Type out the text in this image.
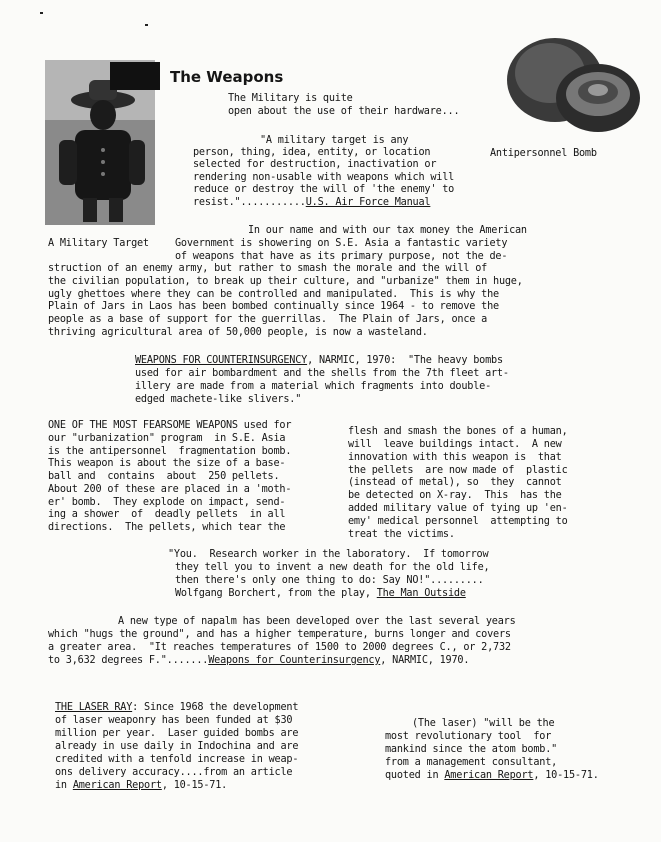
The Weapons
The Military is quite
open about the use of their hardware...
Antipersonnel Bomb
"A military target is any
person, thing, idea, entity, or location
selected for destruction, inactivation or
rendering non-usable with weapons which will
reduce or destroy the will of 'the enemy' to
resist."...........U.S. Air Force Manual
In our name and with our tax money the American
A Military Target	Government is showering on S.E. Asia a fantastic variety
of weapons that have as its primary purpose, not the de-
struction of an enemy army, but rather to smash the morale and the will of
the civilian population, to break up their culture, and "urbanize" them in huge,
ugly ghettoes where they can be controlled and manipulated.  This is why the
Plain of Jars in Laos has been bombed continually since 1964 - to remove the
people as a base of support for the guerrillas.  The Plain of Jars, once a
thriving agricultural area of 50,000 people, is now a wasteland.
WEAPONS FOR COUNTERINSURGENCY, NARMIC, 1970:  "The heavy bombs
used for air bombardment and the shells from the 7th fleet art-
illery are made from a material which fragments into double-
edged machete-like slivers."
ONE OF THE MOST FEARSOME WEAPONS used for
our "urbanization" program  in S.E. Asia
is the antipersonnel  fragmentation bomb.
This weapon is about the size of a base-
ball and  contains  about  250 pellets.
About 200 of these are placed in a 'moth-
er' bomb.  They explode on impact, send-
ing a shower  of  deadly pellets  in all
directions.  The pellets, which tear the
flesh and smash the bones of a human,
will  leave buildings intact.  A new
innovation with this weapon is  that
the pellets  are now made of  plastic
(instead of metal), so  they  cannot
be detected on X-ray.  This  has the
added military value of tying up 'en-
emy' medical personnel  attempting to
treat the victims.
"You.  Research worker in the laboratory.  If tomorrow
they tell you to invent a new death for the old life,
then there's only one thing to do: Say NO!".........
Wolfgang Borchert, from the play, The Man Outside
A new type of napalm has been developed over the last several years
which "hugs the ground", and has a higher temperature, burns longer and covers
a greater area.  "It reaches temperatures of 1500 to 2000 degrees C., or 2,732
to 3,632 degrees F.".......Weapons for Counterinsurgency, NARMIC, 1970.
THE LASER RAY: Since 1968 the development
of laser weaponry has been funded at $30
million per year.  Laser guided bombs are
already in use daily in Indochina and are
credited with a tenfold increase in weap-
ons delivery accuracy....from an article
in American Report, 10-15-71.
(The laser) "will be the
most revolutionary tool  for
mankind since the atom bomb."
from a management consultant,
quoted in American Report, 10-15-71.
